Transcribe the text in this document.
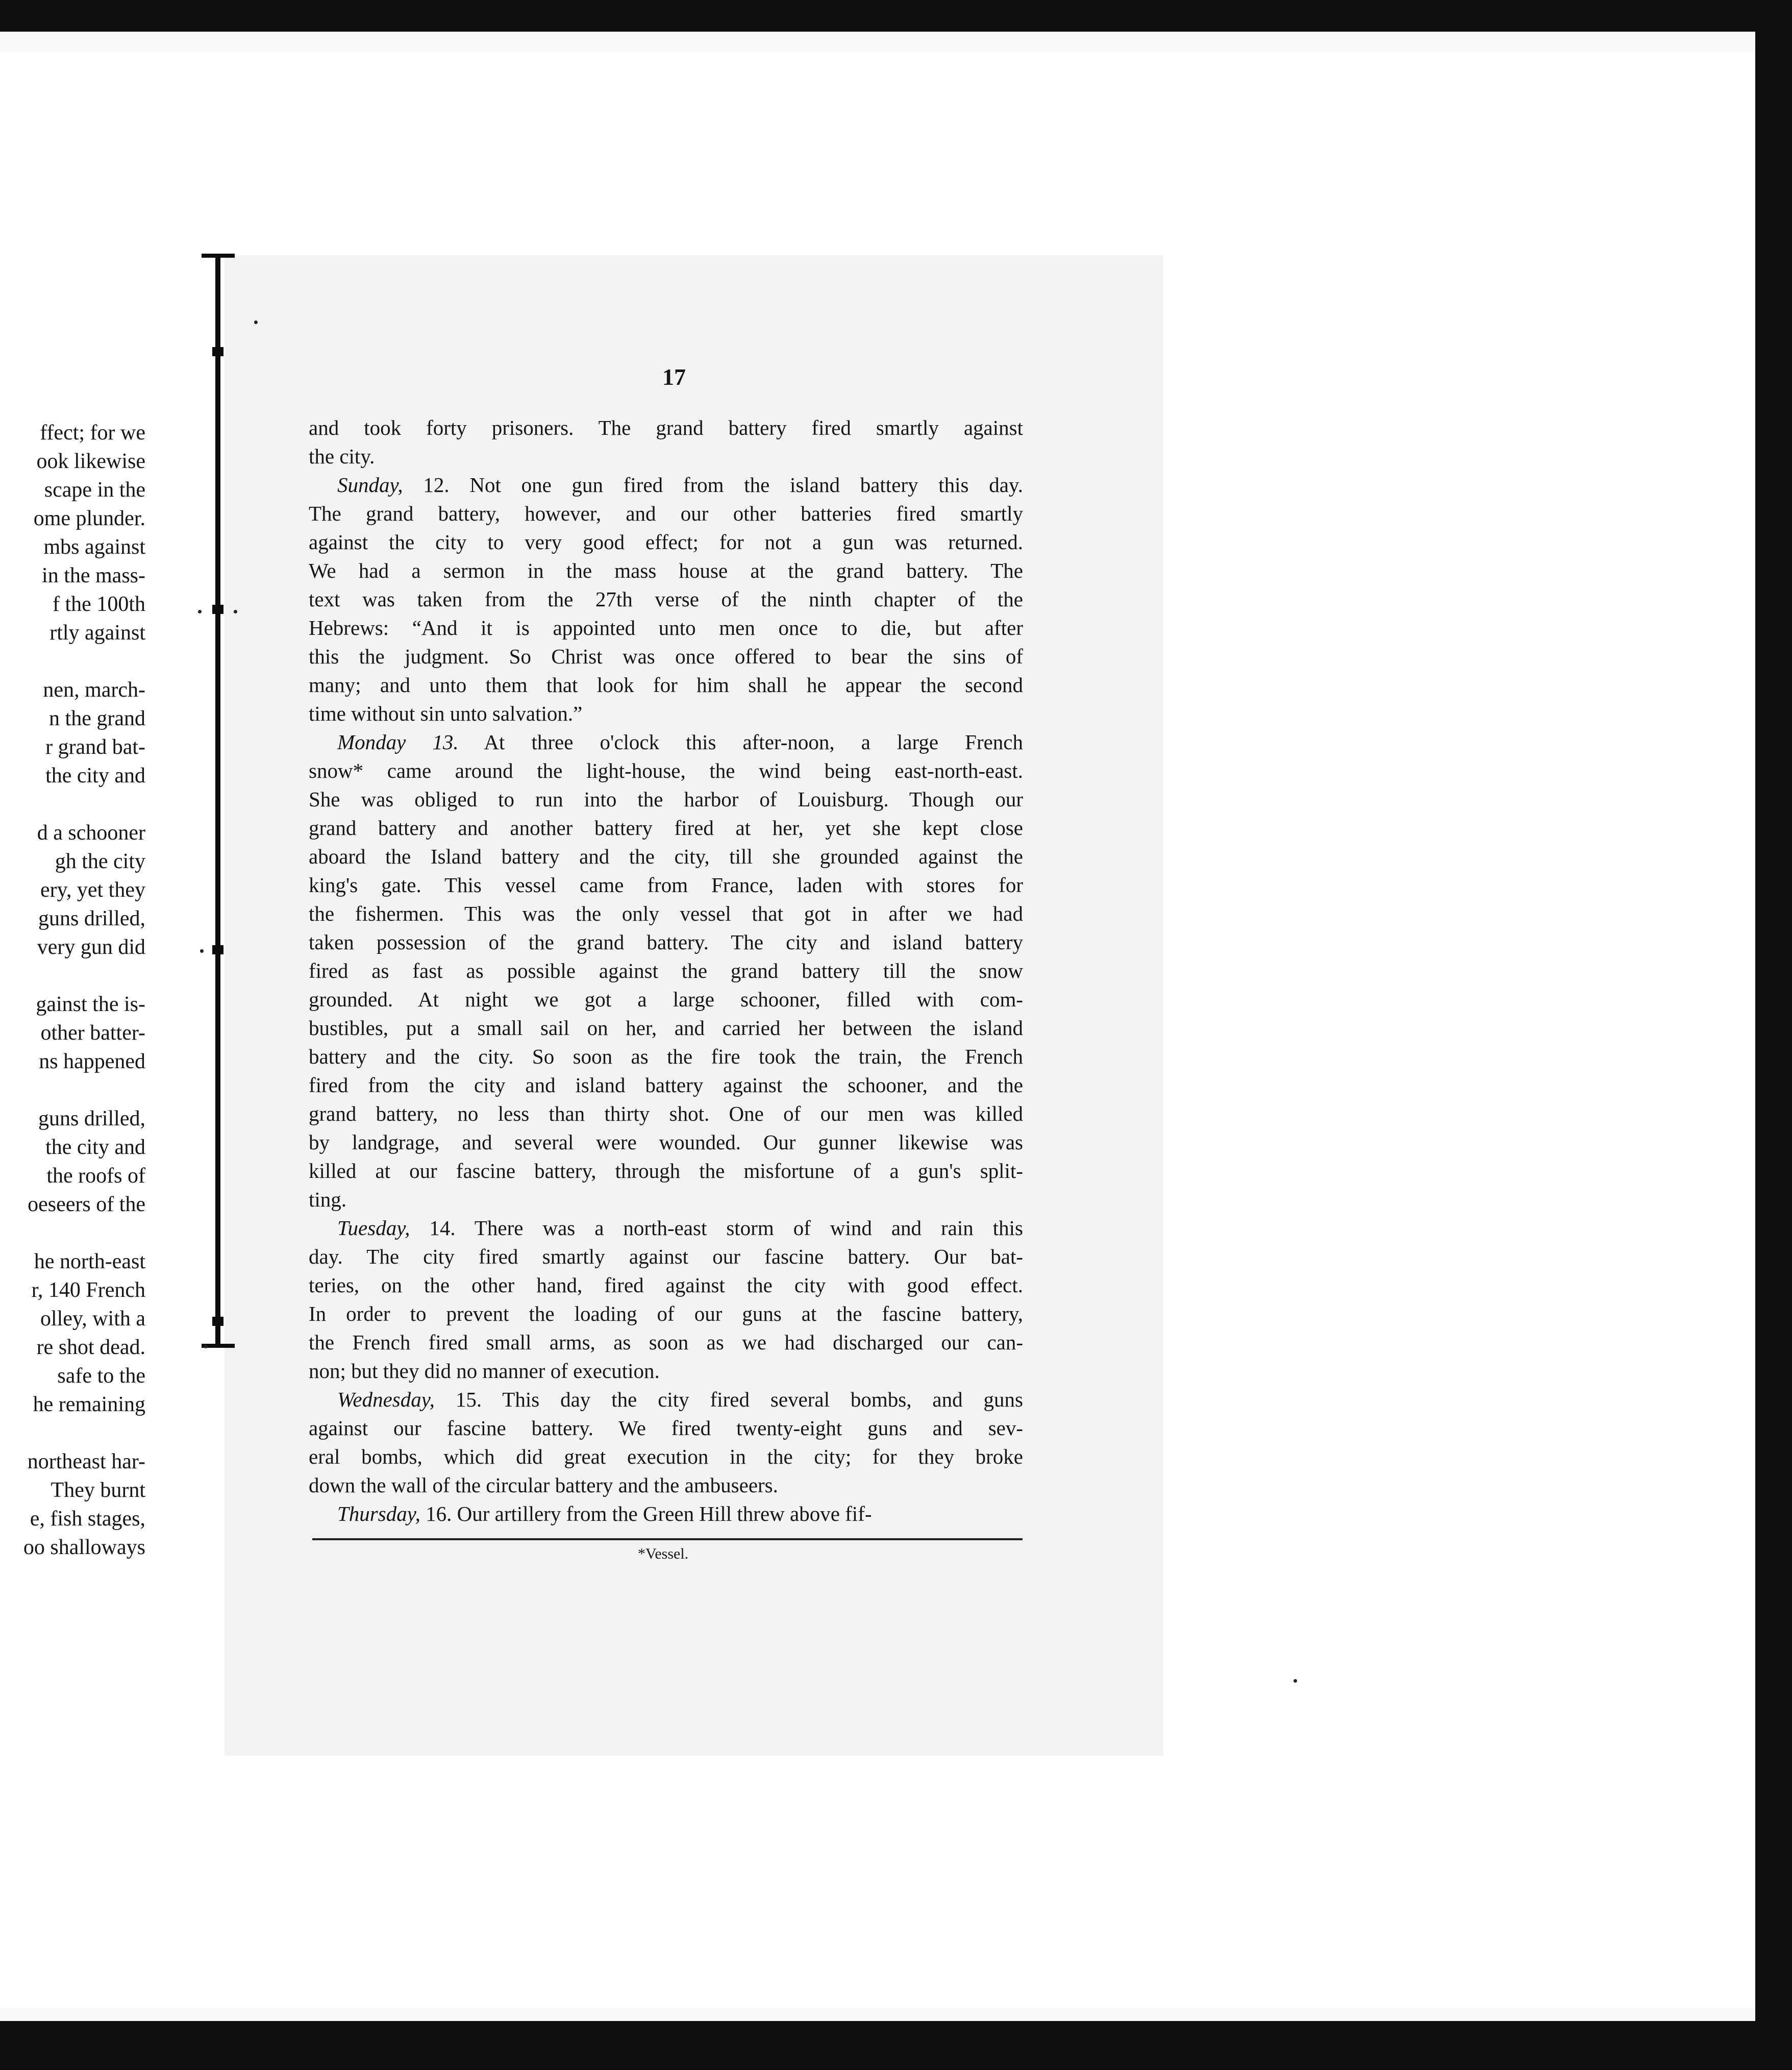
ffect; for we
ook likewise
scape in the
ome plunder.
mbs against
in the mass-
f the 100th
rtly against
nen, march-
n the grand
r grand bat-
the city and
d a schooner
gh the city
ery, yet they
guns drilled,
very gun did
gainst the is-
other batter-
ns happened
guns drilled,
the city and
the roofs of
oeseers of the
he north-east
r, 140 French
olley, with a
re shot dead.
safe to the
he remaining
northeast har-
They burnt
e, fish stages,
oo shalloways
17
and took forty prisoners. The grand battery fired smartly against
the city.
Sunday, 12. Not one gun fired from the island battery this day.
The grand battery, however, and our other batteries fired smartly
against the city to very good effect; for not a gun was returned.
We had a sermon in the mass house at the grand battery. The
text was taken from the 27th verse of the ninth chapter of the
Hebrews: “And it is appointed unto men once to die, but after
this the judgment. So Christ was once offered to bear the sins of
many; and unto them that look for him shall he appear the second
time without sin unto salvation.”
Monday 13. At three o'clock this after-noon, a large French
snow* came around the light-house, the wind being east-north-east.
She was obliged to run into the harbor of Louisburg. Though our
grand battery and another battery fired at her, yet she kept close
aboard the Island battery and the city, till she grounded against the
king's gate. This vessel came from France, laden with stores for
the fishermen. This was the only vessel that got in after we had
taken possession of the grand battery. The city and island battery
fired as fast as possible against the grand battery till the snow
grounded. At night we got a large schooner, filled with com-
bustibles, put a small sail on her, and carried her between the island
battery and the city. So soon as the fire took the train, the French
fired from the city and island battery against the schooner, and the
grand battery, no less than thirty shot. One of our men was killed
by landgrage, and several were wounded. Our gunner likewise was
killed at our fascine battery, through the misfortune of a gun's split-
ting.
Tuesday, 14. There was a north-east storm of wind and rain this
day. The city fired smartly against our fascine battery. Our bat-
teries, on the other hand, fired against the city with good effect.
In order to prevent the loading of our guns at the fascine battery,
the French fired small arms, as soon as we had discharged our can-
non; but they did no manner of execution.
Wednesday, 15. This day the city fired several bombs, and guns
against our fascine battery. We fired twenty-eight guns and sev-
eral bombs, which did great execution in the city; for they broke
down the wall of the circular battery and the ambuseers.
Thursday, 16. Our artillery from the Green Hill threw above fif-
*Vessel.
